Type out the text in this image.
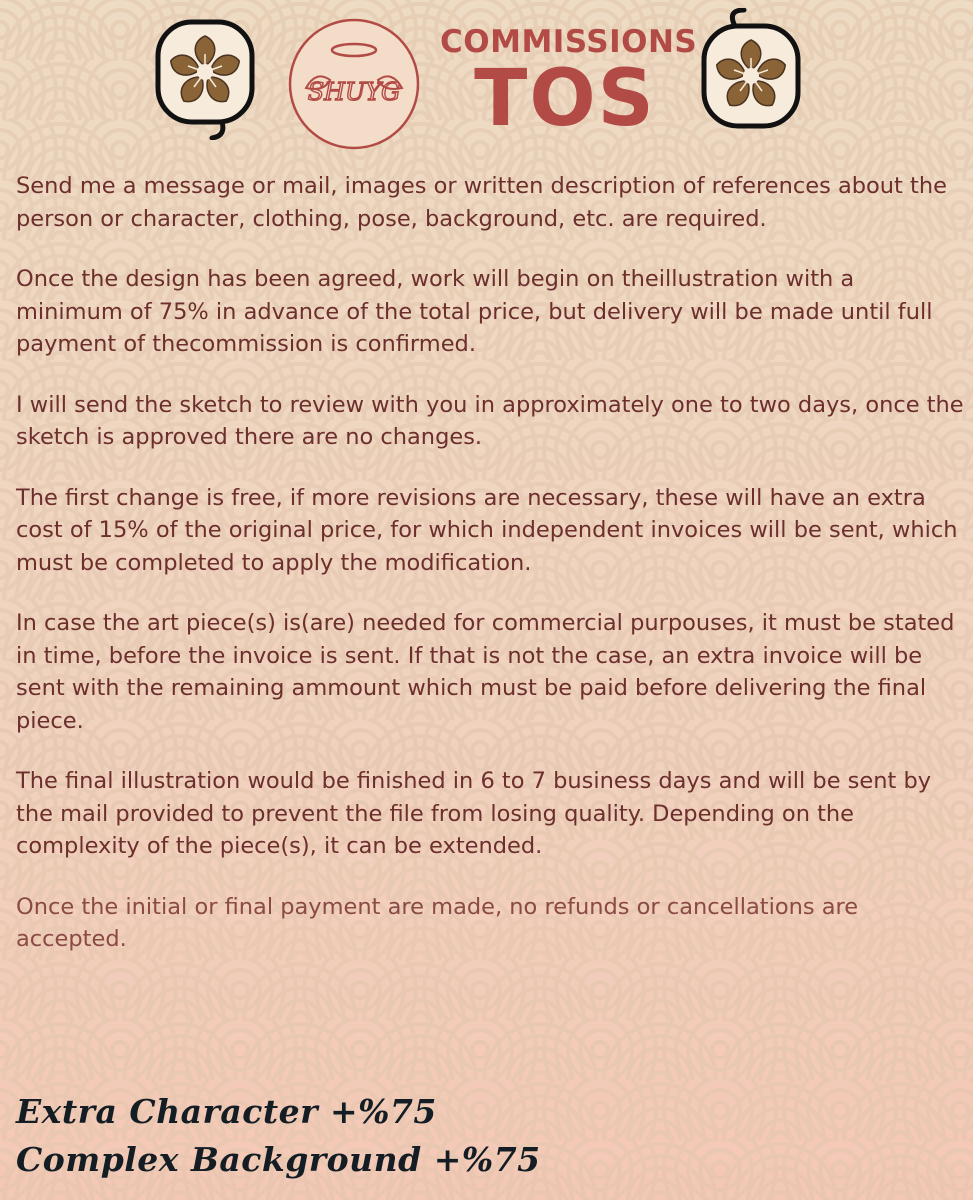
SHUYG
COMMISSIONS
TOS

Send me a message or mail, images or written description of references about the person or character, clothing, pose, background, etc. are required.

Once the design has been agreed, work will begin on theillustration with a minimum of 75% in advance of the total price, but delivery will be made until full payment of thecommission is confirmed.

I will send the sketch to review with you in approximately one to two days, once the sketch is approved there are no changes.

The first change is free, if more revisions are necessary, these will have an extra cost of 15% of the original price, for which independent invoices will be sent, which must be completed to apply the modification.

In case the art piece(s) is(are) needed for commercial purpouses, it must be stated in time, before the invoice is sent. If that is not the case, an extra invoice will be sent with the remaining ammount which must be paid before delivering the final piece.

The final illustration would be finished in 6 to 7 business days and will be sent by the mail provided to prevent the file from losing quality. Depending on the complexity of the piece(s), it can be extended.

Once the initial or final payment are made, no refunds or cancellations are accepted.

Extra Character +%75
Complex Background +%75
